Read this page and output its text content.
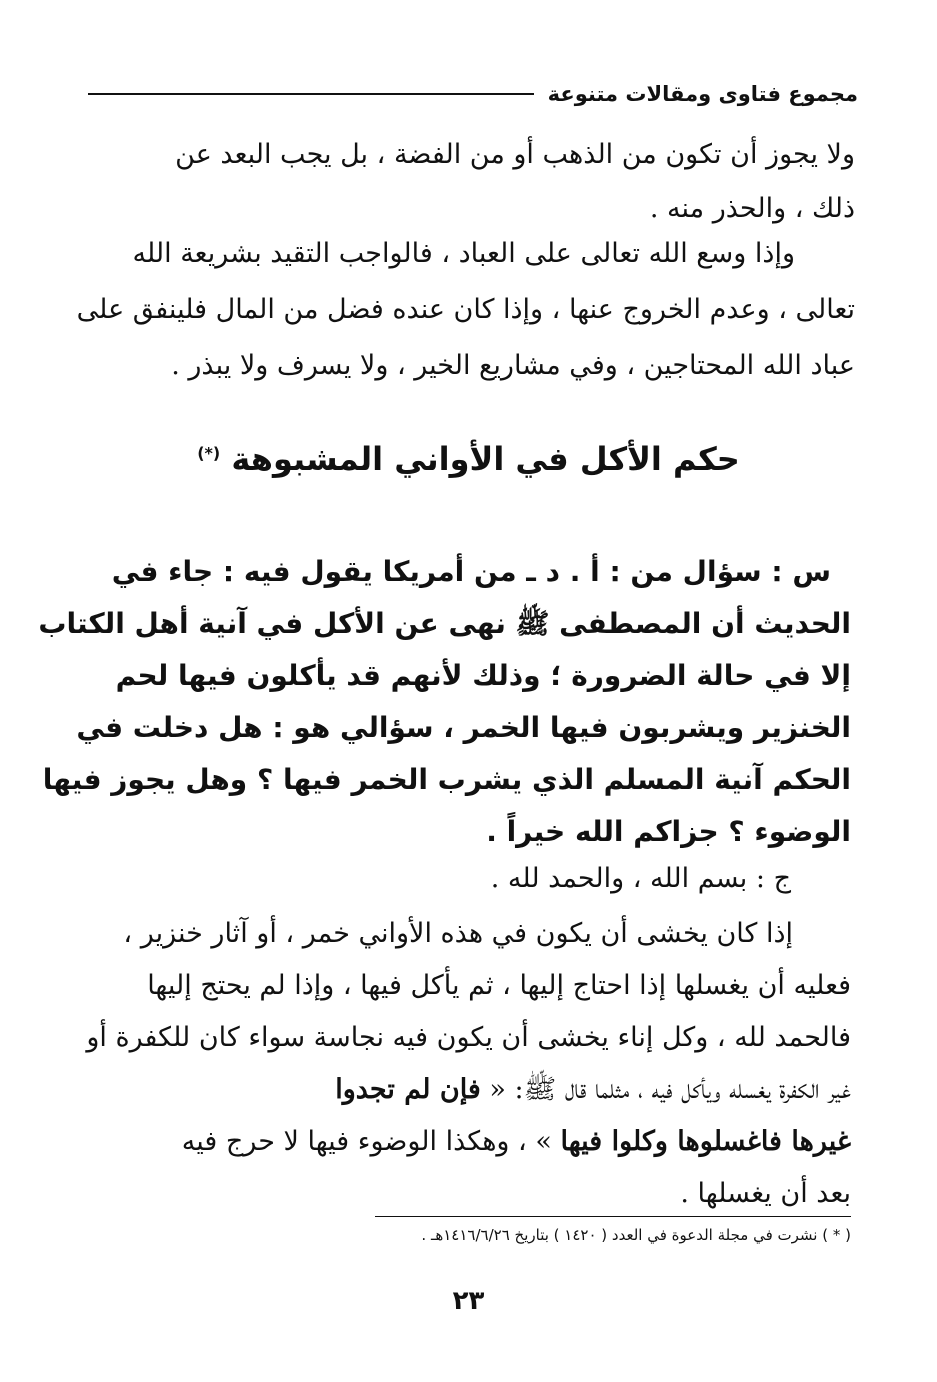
مجموع فتاوى ومقالات متنوعة
ولا يجوز أن تكون من الذهب أو من الفضة ، بل يجب البعد عن
ذلك ، والحذر منه .
وإذا وسع الله تعالى على العباد ، فالواجب التقيد بشريعة الله
تعالى ، وعدم الخروج عنها ، وإذا كان عنده فضل من المال فلينفق على
عباد الله المحتاجين ، وفي مشاريع الخير ، ولا يسرف ولا يبذر .
حكم الأكل في الأواني المشبوهة (*)
س : سؤال من : أ . د ـ من أمريكا يقول فيه : جاء في
الحديث أن المصطفى ﷺ نهى عن الأكل في آنية أهل الكتاب
إلا في حالة الضرورة ؛ وذلك لأنهم قد يأكلون فيها لحم
الخنزير ويشربون فيها الخمر ، سؤالي هو : هل دخلت في
الحكم آنية المسلم الذي يشرب الخمر فيها ؟ وهل يجوز فيها
الوضوء ؟ جزاكم الله خيراً .
ج : بسم الله ، والحمد لله .
إذا كان يخشى أن يكون في هذه الأواني خمر ، أو آثار خنزير ،
فعليه أن يغسلها إذا احتاج إليها ، ثم يأكل فيها ، وإذا لم يحتج إليها
فالحمد لله ، وكل إناء يخشى أن يكون فيه نجاسة سواء كان للكفرة أو
غير الكفرة يغسله ويأكل فيه ، مثلما قال ﷺ: « فإن لم تجدوا
غيرها فاغسلوها وكلوا فيها » ، وهكذا الوضوء فيها لا حرج فيه
بعد أن يغسلها .
( * ) نشرت في مجلة الدعوة في العدد ( ١٤٢٠ ) بتاريخ ١٤١٦/٦/٢٦هـ .
٢٣
